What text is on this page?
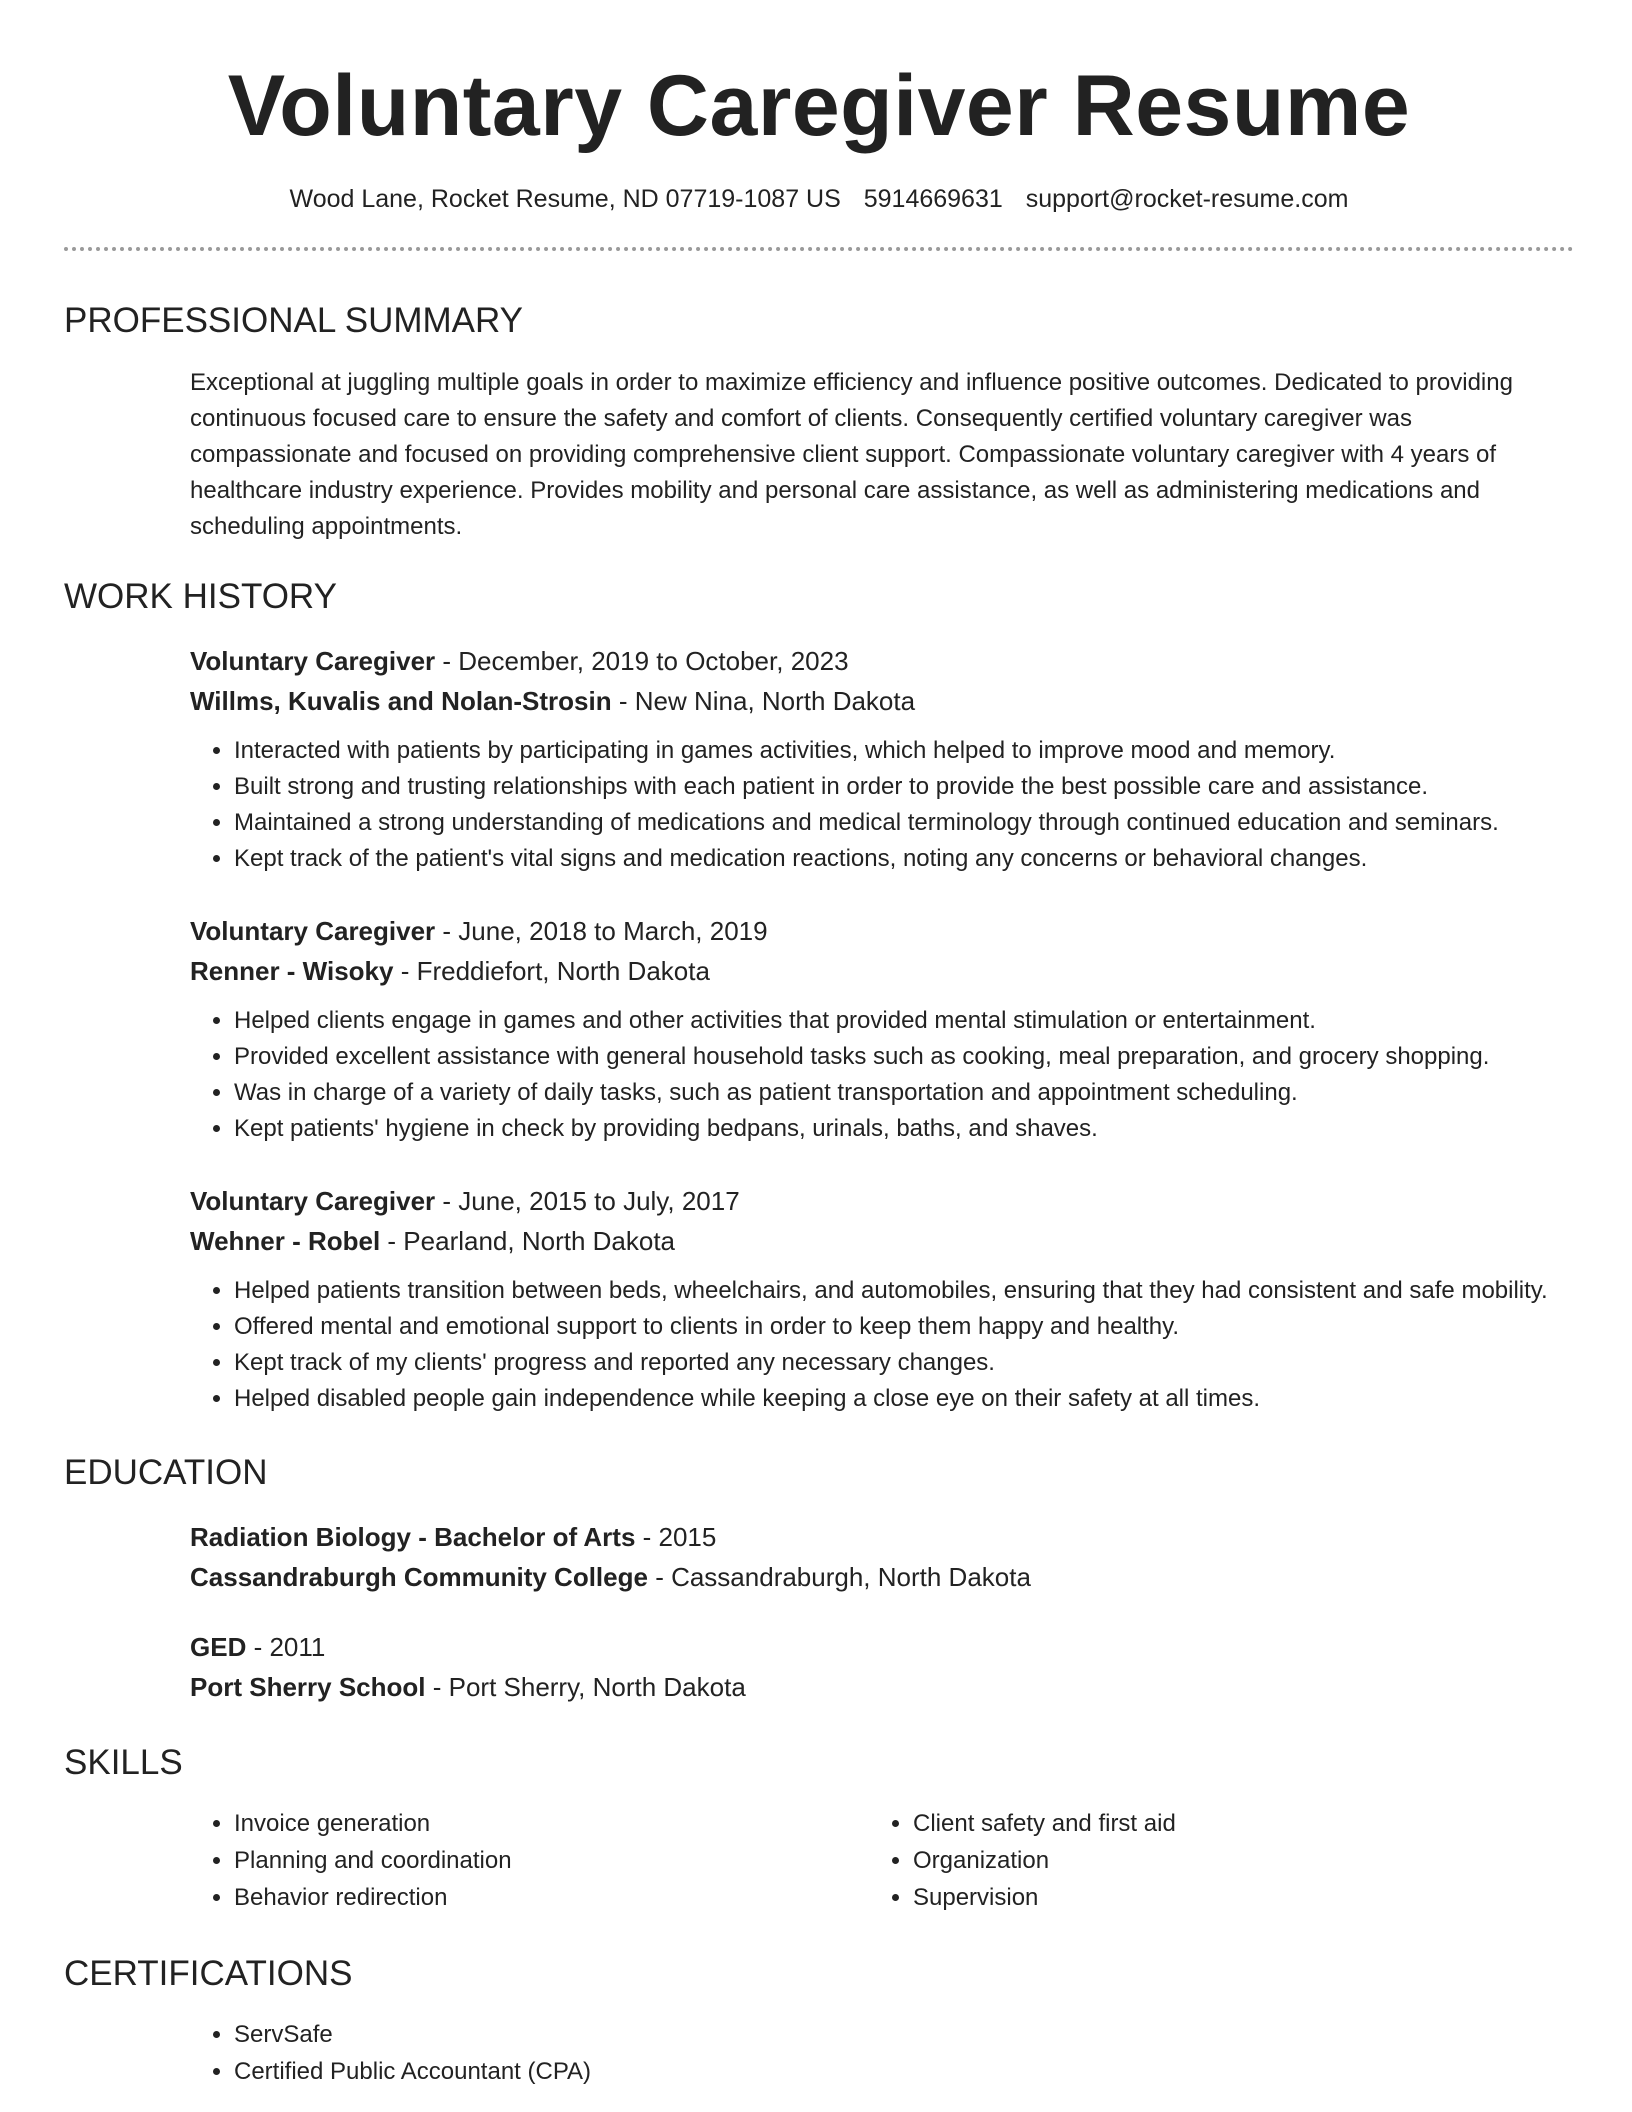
Voluntary Caregiver Resume
Wood Lane, Rocket Resume, ND 07719-1087 US 5914669631 support@rocket-resume.com
PROFESSIONAL SUMMARY

Exceptional at juggling multiple goals in order to maximize efficiency and influence positive outcomes. Dedicated to providing continuous focused care to ensure the safety and comfort of clients. Consequently certified voluntary caregiver was compassionate and focused on providing comprehensive client support. Compassionate voluntary caregiver with 4 years of healthcare industry experience. Provides mobility and personal care assistance, as well as administering medications and scheduling appointments.

WORK HISTORY
Voluntary Caregiver - December, 2019 to October, 2023
Willms, Kuvalis and Nolan-Strosin - New Nina, North Dakota
• Interacted with patients by participating in games activities, which helped to improve mood and memory.
• Built strong and trusting relationships with each patient in order to provide the best possible care and assistance.
• Maintained a strong understanding of medications and medical terminology through continued education and seminars.
• Kept track of the patient's vital signs and medication reactions, noting any concerns or behavioral changes.
Voluntary Caregiver - June, 2018 to March, 2019
Renner - Wisoky - Freddiefort, North Dakota
• Helped clients engage in games and other activities that provided mental stimulation or entertainment.
• Provided excellent assistance with general household tasks such as cooking, meal preparation, and grocery shopping.
• Was in charge of a variety of daily tasks, such as patient transportation and appointment scheduling.
• Kept patients' hygiene in check by providing bedpans, urinals, baths, and shaves.
Voluntary Caregiver - June, 2015 to July, 2017
Wehner - Robel - Pearland, North Dakota
• Helped patients transition between beds, wheelchairs, and automobiles, ensuring that they had consistent and safe mobility.
• Offered mental and emotional support to clients in order to keep them happy and healthy.
• Kept track of my clients' progress and reported any necessary changes.
• Helped disabled people gain independence while keeping a close eye on their safety at all times.
EDUCATION
Radiation Biology - Bachelor of Arts - 2015
Cassandraburgh Community College - Cassandraburgh, North Dakota
GED - 2011
Port Sherry School - Port Sherry, North Dakota
SKILLS
• Invoice generation
• Planning and coordination
• Behavior redirection
• Client safety and first aid
• Organization
• Supervision
CERTIFICATIONS
• ServSafe
• Certified Public Accountant (CPA)
